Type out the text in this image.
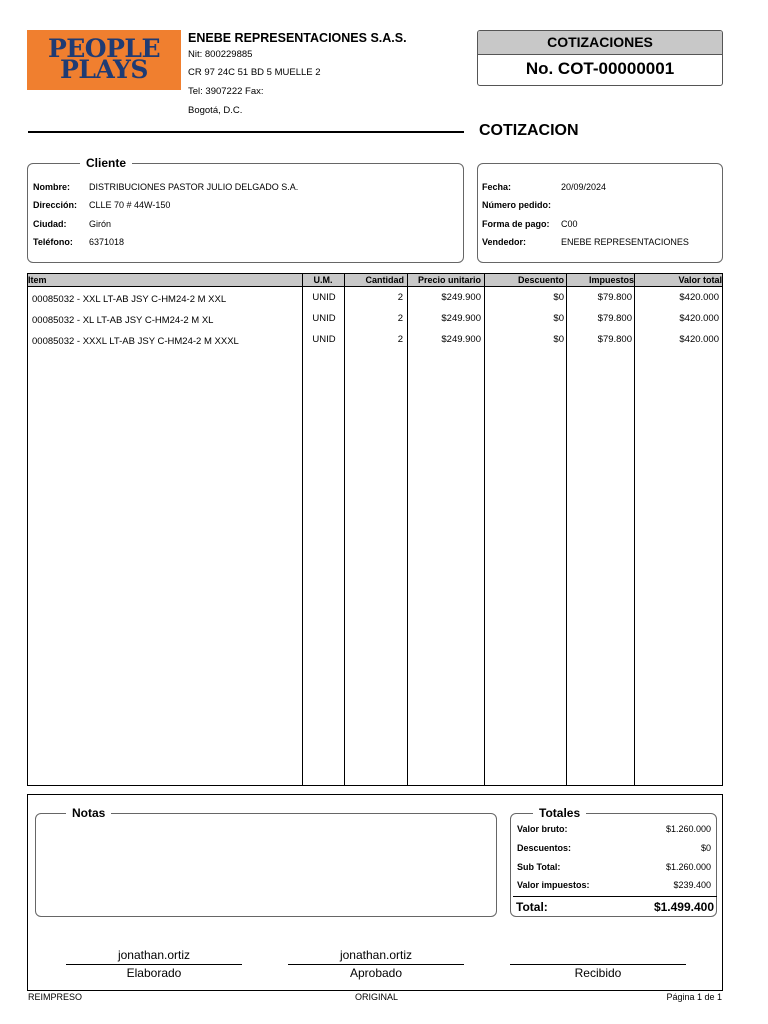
PEOPLE
PLAYS
ENEBE REPRESENTACIONES S.A.S.
Nit: 800229885
CR 97 24C 51 BD 5 MUELLE 2
Tel: 3907222 Fax:
Bogotá, D.C.
COTIZACIONES
No. COT-00000001
COTIZACION
Cliente
Nombre: DISTRIBUCIONES PASTOR JULIO DELGADO S.A.
Dirección: CLLE 70 # 44W-150
Ciudad:	Girón
Teléfono: 6371018
Fecha:	20/09/2024
Número pedido:
Forma de pago: C00
Vendedor:	ENEBE REPRESENTACIONES
Item	U.M.	Cantidad	Precio unitario	Descuento	Impuestos	Valor total
00085032 - XXL LT-AB JSY C-HM24-2 M XXL	UNID	2	$249.900	$0	$79.800	$420.000
00085032 - XL LT-AB JSY C-HM24-2 M XL	UNID	2	$249.900	$0	$79.800	$420.000
00085032 - XXXL LT-AB JSY C-HM24-2 M XXXL	UNID	2	$249.900	$0	$79.800	$420.000
Notas	Totales
Valor bruto:	$1.260.000
Descuentos:	$0
Sub Total:	$1.260.000
Valor impuestos:	$239.400
Total:	$1.499.400
jonathan.ortiz
Elaborado
jonathan.ortiz
Aprobado	Recibido
REIMPRESO	ORIGINAL	Página 1 de 1
